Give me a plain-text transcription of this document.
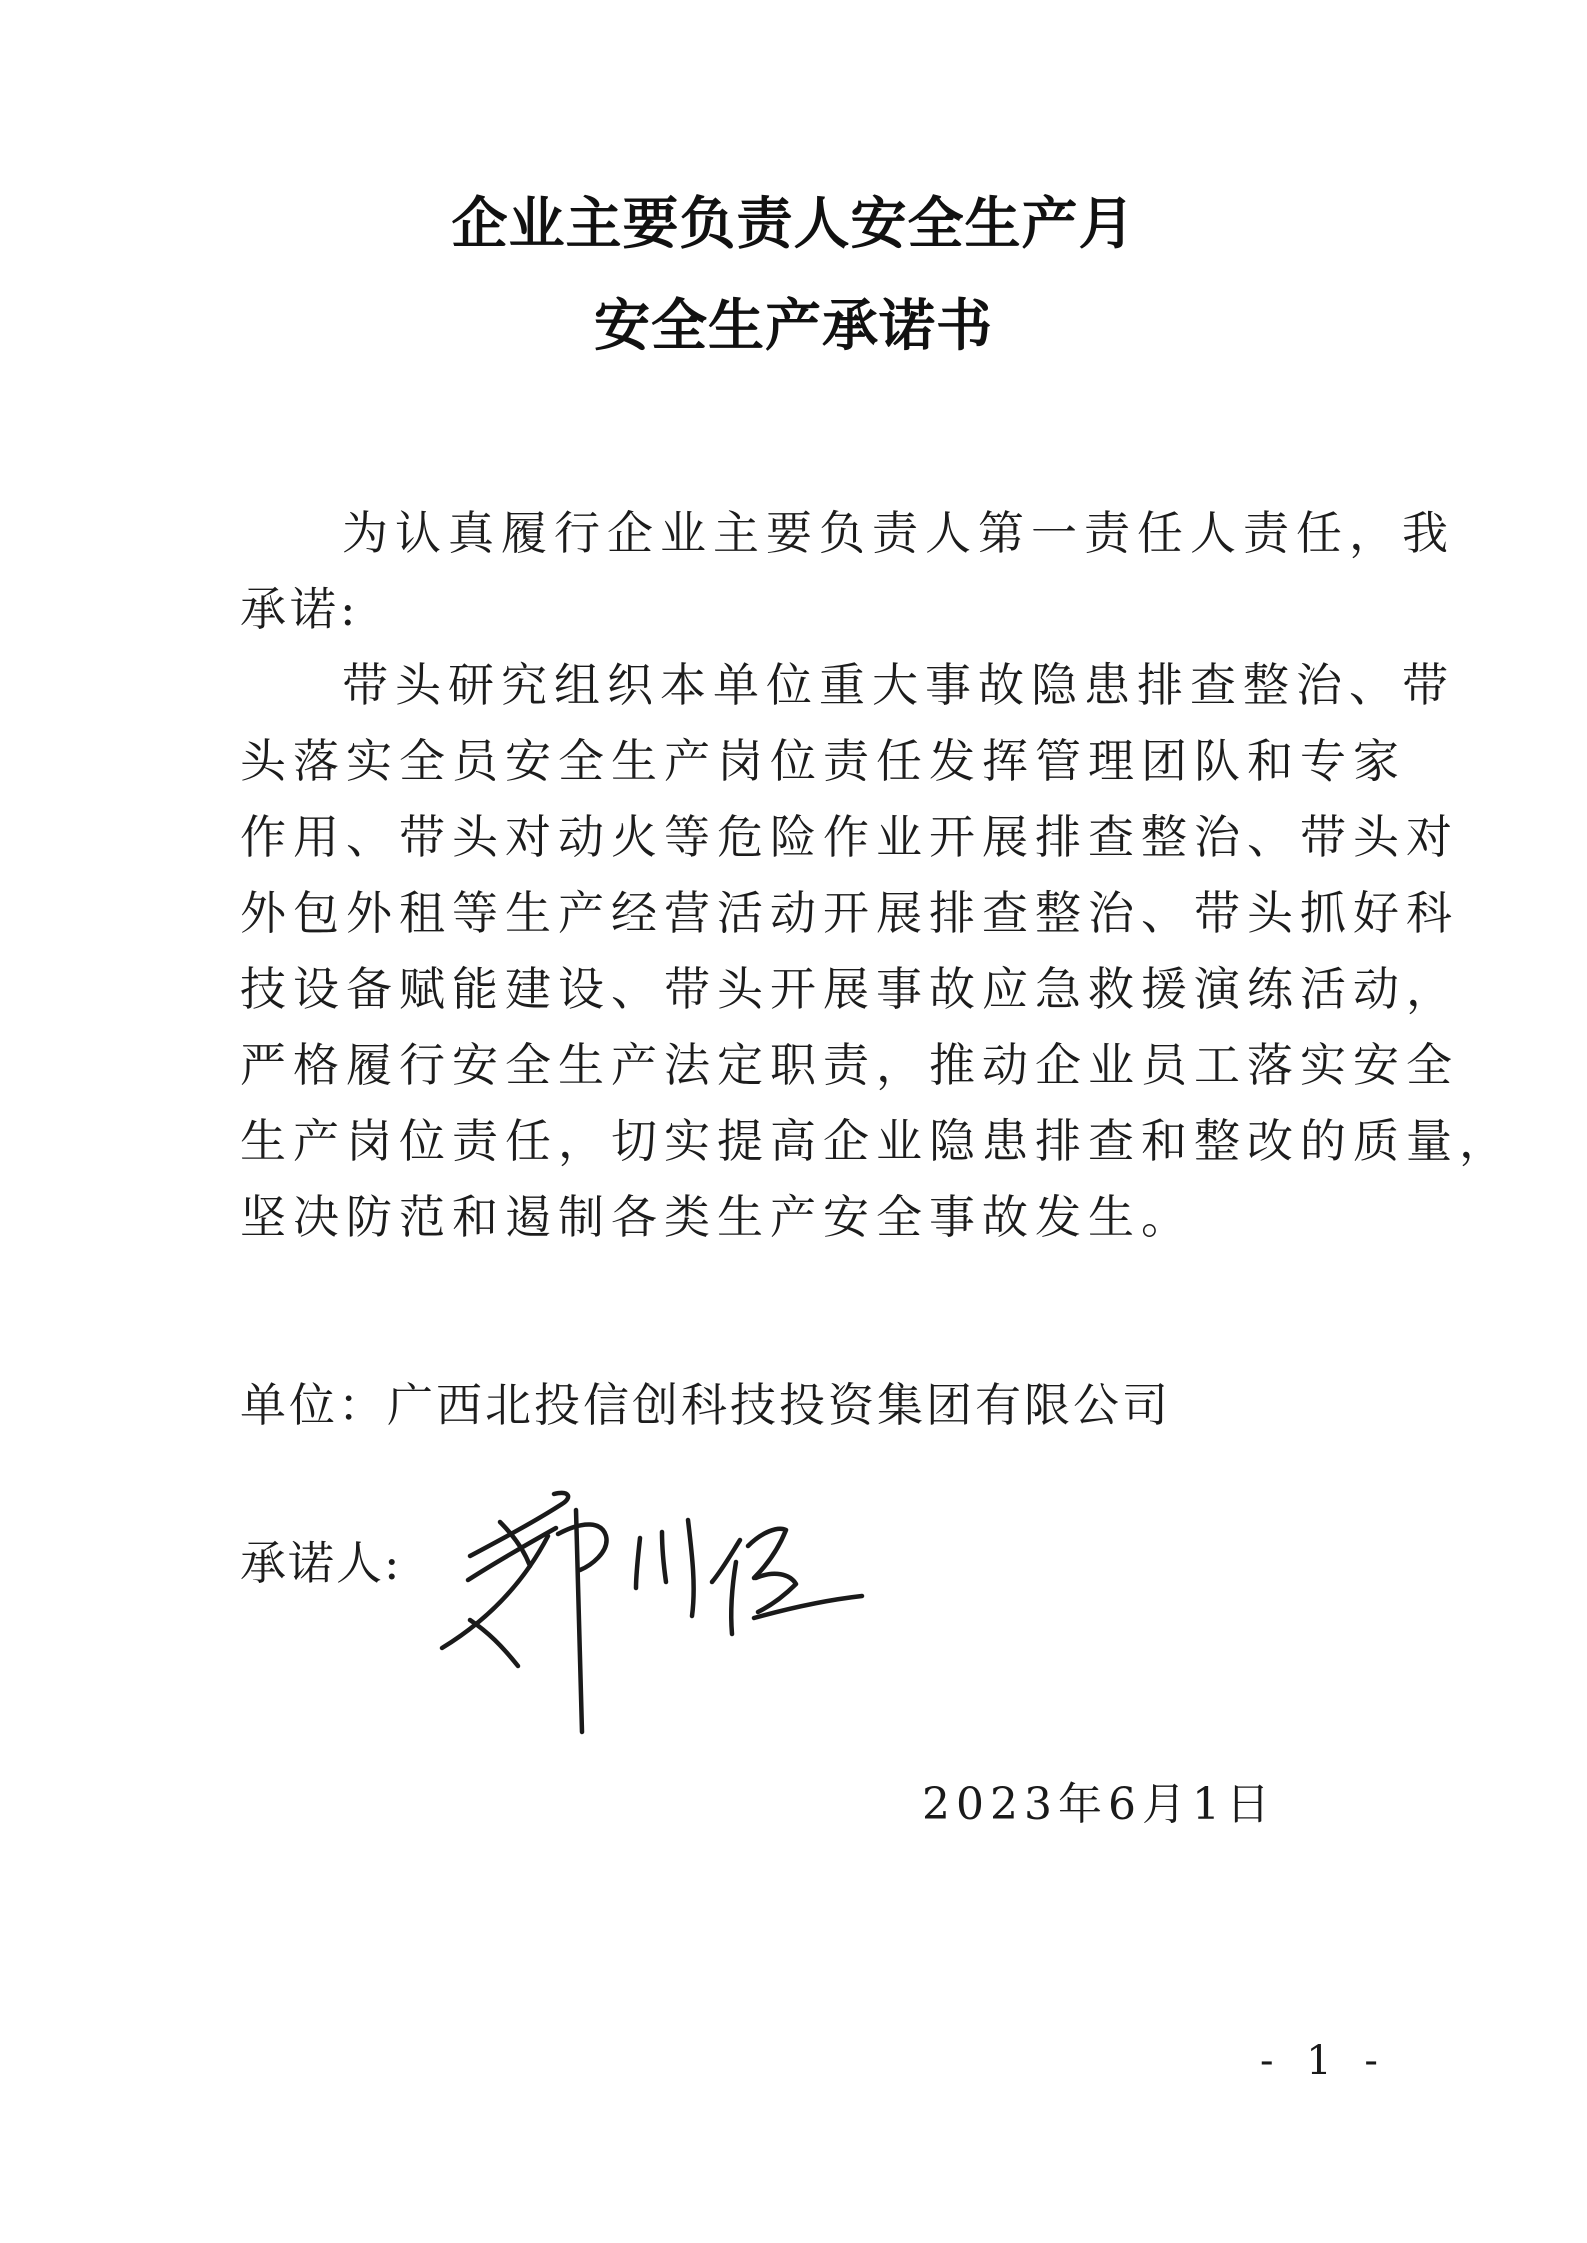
企业主要负责人安全生产月
安全生产承诺书
为认真履行企业主要负责人第一责任人责任，我
承诺:
带头研究组织本单位重大事故隐患排查整治、带
头落实全员安全生产岗位责任发挥管理团队和专家
作用、带头对动火等危险作业开展排查整治、带头对
外包外租等生产经营活动开展排查整治、带头抓好科
技设备赋能建设、带头开展事故应急救援演练活动，
严格履行安全生产法定职责，推动企业员工落实安全
生产岗位责任，切实提高企业隐患排查和整改的质量，
坚决防范和遏制各类生产安全事故发生。
单位：广西北投信创科技投资集团有限公司
承诺人:
2023年6月1日
- 1 -
